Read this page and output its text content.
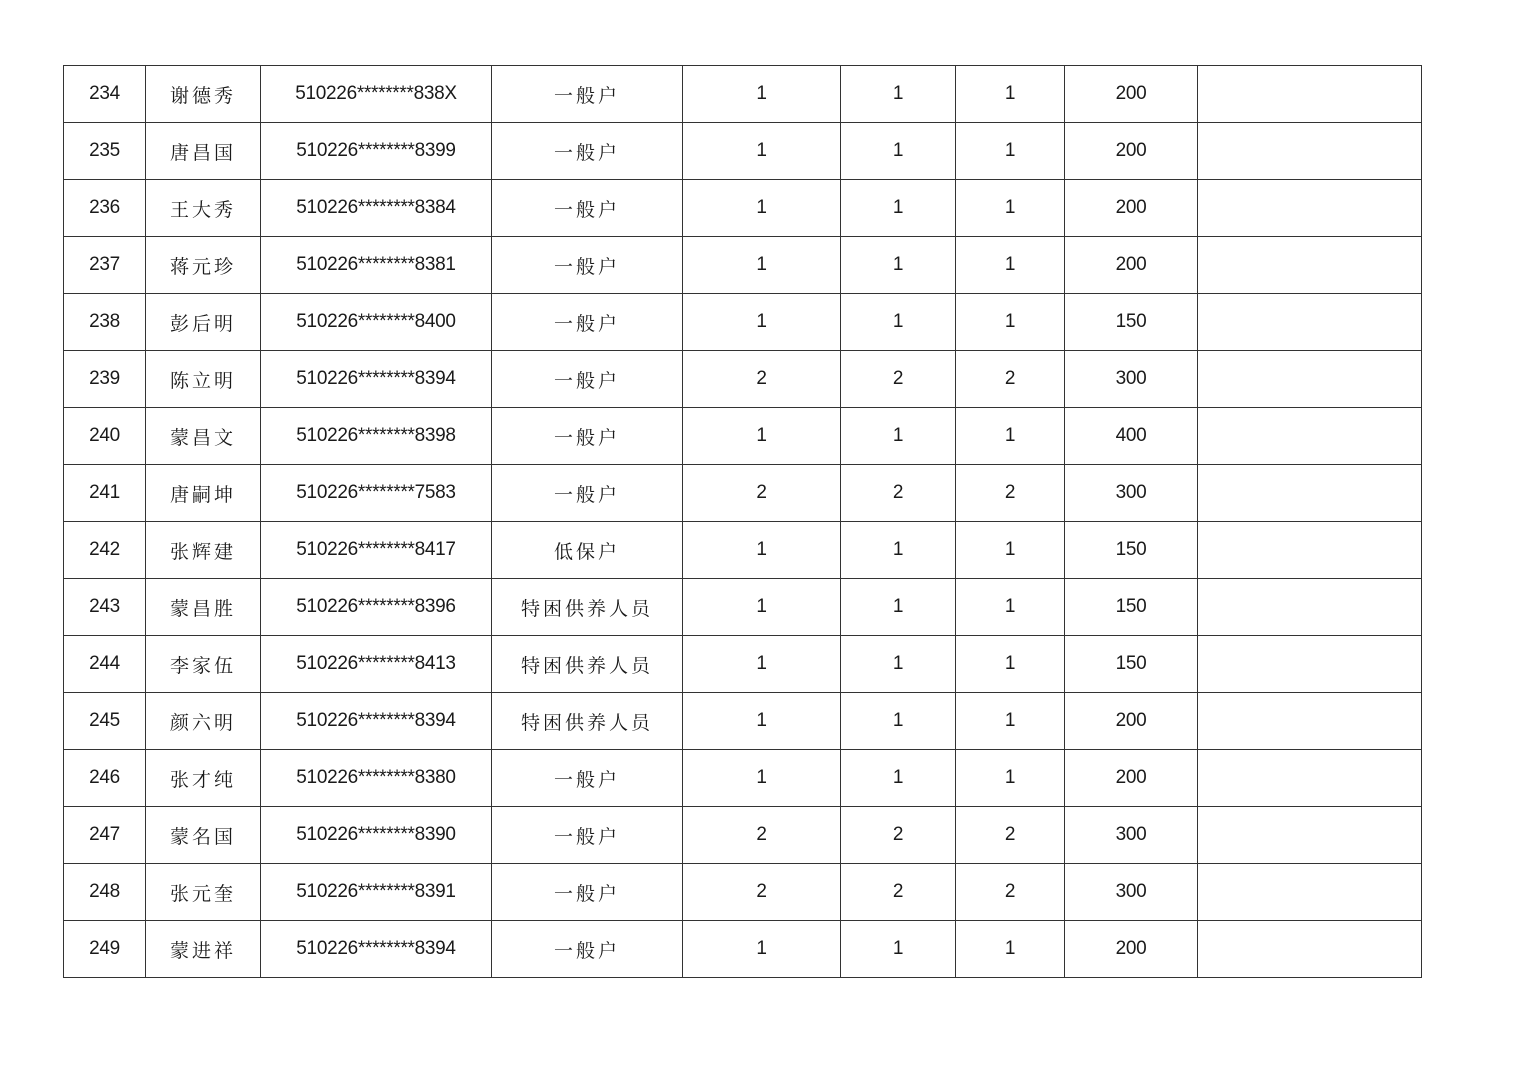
234	谢德秀	510226********838X	一般户	1	1	1	200	
235	唐昌国	510226********8399	一般户	1	1	1	200	
236	王大秀	510226********8384	一般户	1	1	1	200	
237	蒋元珍	510226********8381	一般户	1	1	1	200	
238	彭后明	510226********8400	一般户	1	1	1	150	
239	陈立明	510226********8394	一般户	2	2	2	300	
240	蒙昌文	510226********8398	一般户	1	1	1	400	
241	唐嗣坤	510226********7583	一般户	2	2	2	300	
242	张辉建	510226********8417	低保户	1	1	1	150	
243	蒙昌胜	510226********8396	特困供养人员	1	1	1	150	
244	李家伍	510226********8413	特困供养人员	1	1	1	150	
245	颜六明	510226********8394	特困供养人员	1	1	1	200	
246	张才纯	510226********8380	一般户	1	1	1	200	
247	蒙名国	510226********8390	一般户	2	2	2	300	
248	张元奎	510226********8391	一般户	2	2	2	300	
249	蒙进祥	510226********8394	一般户	1	1	1	200	
